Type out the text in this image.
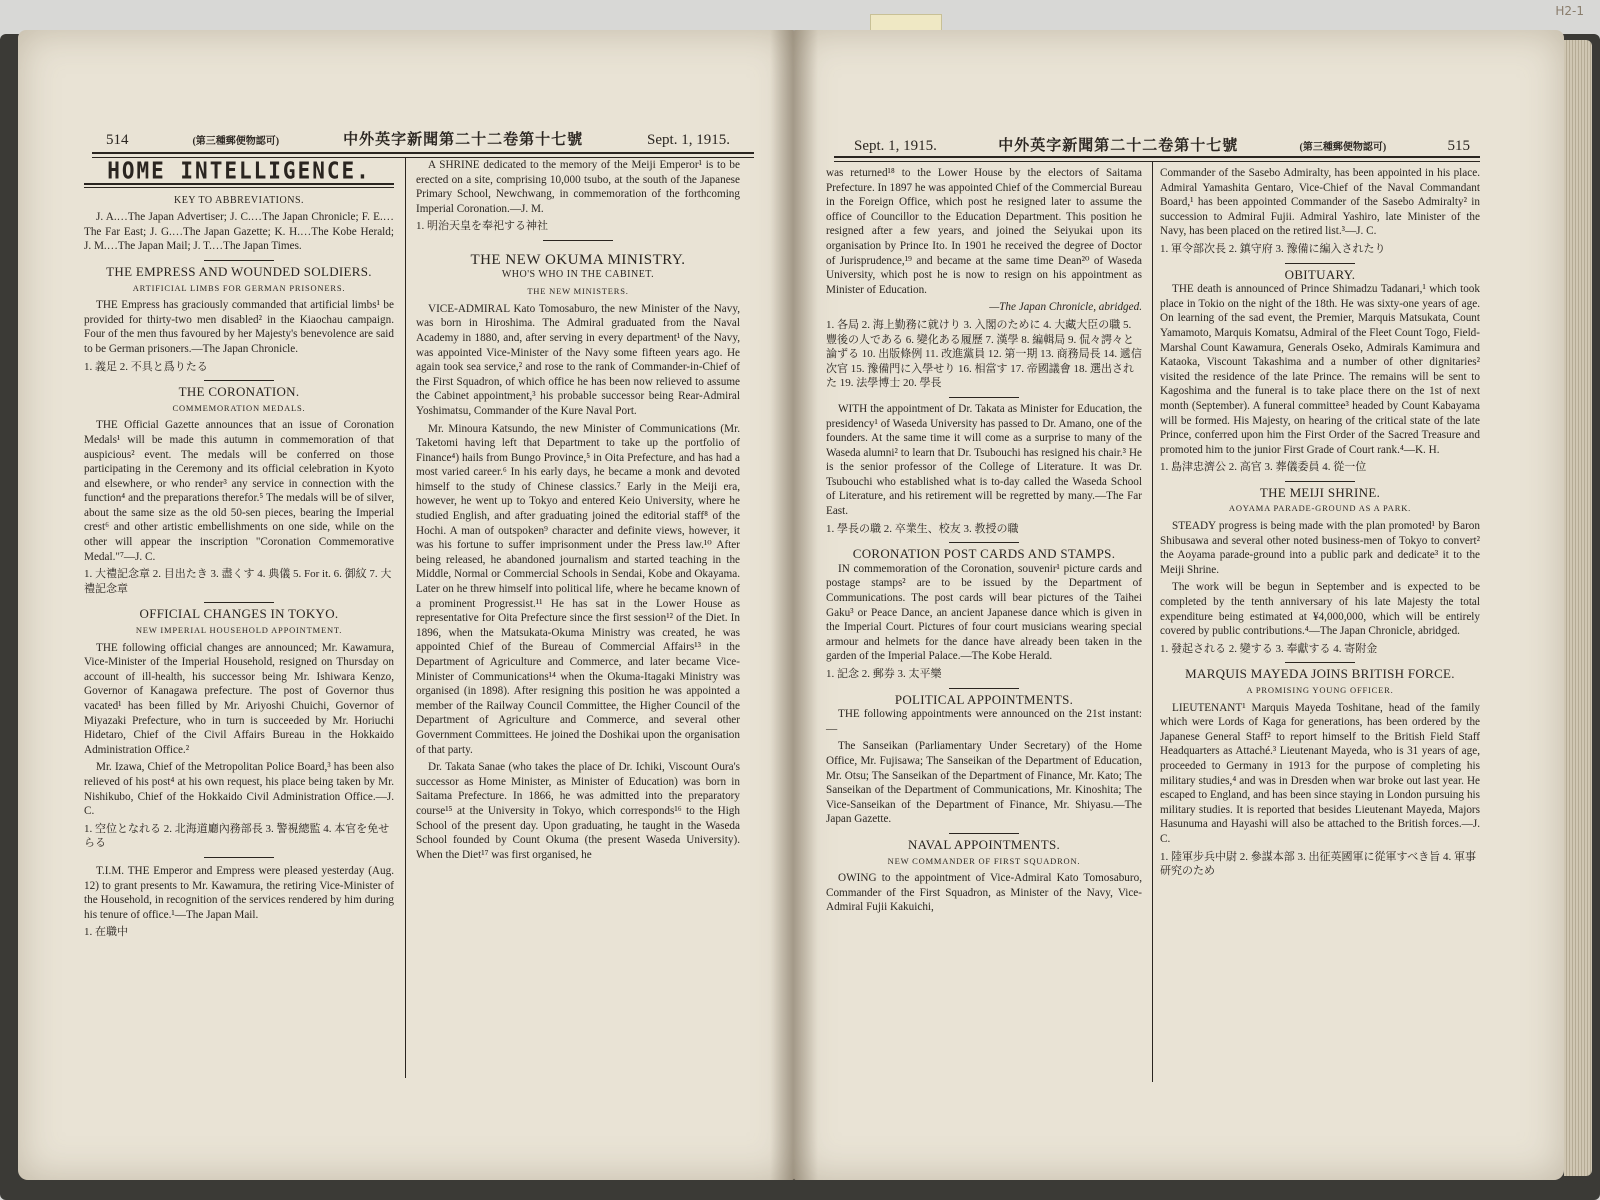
H2-1
514	(第三種郵便物認可)	中外英字新聞第二十二卷第十七號	Sept. 1, 1915.
HOME INTELLIGENCE.
KEY TO ABBREVIATIONS.

J. A.…The Japan Advertiser; J. C.…The Japan Chronicle; F. E.…The Far East; J. G.…The Japan Gazette; K. H.…The Kobe Herald; J. M.…The Japan Mail; J. T.…The Japan Times.

THE EMPRESS AND WOUNDED SOLDIERS.
ARTIFICIAL LIMBS FOR GERMAN PRISONERS.

THE Empress has graciously commanded that artificial limbs¹ be provided for thirty-two men disabled² in the Kiaochau campaign. Four of the men thus favoured by her Majesty's benevolence are said to be German prisoners.—The Japan Chronicle.

1. 義足 2. 不具と爲りたる
THE CORONATION.
COMMEMORATION MEDALS.

THE Official Gazette announces that an issue of Coronation Medals¹ will be made this autumn in commemoration of that auspicious² event. The medals will be conferred on those participating in the Ceremony and its official celebration in Kyoto and elsewhere, or who render³ any service in connection with the function⁴ and the preparations therefor.⁵ The medals will be of silver, about the same size as the old 50-sen pieces, bearing the Imperial crest⁶ and other artistic embellishments on one side, while on the other will appear the inscription "Coronation Commemorative Medal."⁷—J. C.

1. 大禮記念章 2. 目出たき 3. 盡くす 4. 典儀 5. For it. 6. 御紋 7. 大禮記念章
OFFICIAL CHANGES IN TOKYO.
NEW IMPERIAL HOUSEHOLD APPOINTMENT.

THE following official changes are announced; Mr. Kawamura, Vice-Minister of the Imperial Household, resigned on Thursday on account of ill-health, his successor being Mr. Ishiwara Kenzo, Governor of Kanagawa prefecture. The post of Governor thus vacated¹ has been filled by Mr. Ariyoshi Chuichi, Governor of Miyazaki Prefecture, who in turn is succeeded by Mr. Horiuchi Hidetaro, Chief of the Civil Affairs Bureau in the Hokkaido Administration Office.²

Mr. Izawa, Chief of the Metropolitan Police Board,³ has been also relieved of his post⁴ at his own request, his place being taken by Mr. Nishikubo, Chief of the Hokkaido Civil Administration Office.—J. C.

1. 空位となれる 2. 北海道廳內務部長 3. 警視總監 4. 本官を免せらる

T.I.M. THE Emperor and Empress were pleased yesterday (Aug. 12) to grant presents to Mr. Kawamura, the retiring Vice-Minister of the Household, in recognition of the services rendered by him during his tenure of office.¹—The Japan Mail.

1. 在職中

A SHRINE dedicated to the memory of the Meiji Emperor¹ is to be erected on a site, comprising 10,000 tsubo, at the south of the Japanese Primary School, Newchwang, in commemoration of the forthcoming Imperial Coronation.—J. M.

1. 明治天皇を奉祀する神社
THE NEW OKUMA MINISTRY.
WHO'S WHO IN THE CABINET.
THE NEW MINISTERS.

VICE-ADMIRAL Kato Tomosaburo, the new Minister of the Navy, was born in Hiroshima. The Admiral graduated from the Naval Academy in 1880, and, after serving in every department¹ of the Navy, was appointed Vice-Minister of the Navy some fifteen years ago. He again took sea service,² and rose to the rank of Commander-in-Chief of the First Squadron, of which office he has been now relieved to assume the Cabinet appointment,³ his probable successor being Rear-Admiral Yoshimatsu, Commander of the Kure Naval Port.

Mr. Minoura Katsundo, the new Minister of Communications (Mr. Taketomi having left that Department to take up the portfolio of Finance⁴) hails from Bungo Province,⁵ in Oita Prefecture, and has had a most varied career.⁶ In his early days, he became a monk and devoted himself to the study of Chinese classics.⁷ Early in the Meiji era, however, he went up to Tokyo and entered Keio University, where he studied English, and after graduating joined the editorial staff⁸ of the Hochi. A man of outspoken⁹ character and definite views, however, it was his fortune to suffer imprisonment under the Press law.¹⁰ After being released, he abandoned journalism and started teaching in the Middle, Normal or Commercial Schools in Sendai, Kobe and Okayama. Later on he threw himself into political life, where he became known of a prominent Progressist.¹¹ He has sat in the Lower House as representative for Oita Prefecture since the first session¹² of the Diet. In 1896, when the Matsukata-Okuma Ministry was created, he was appointed Chief of the Bureau of Commercial Affairs¹³ in the Department of Agriculture and Commerce, and later became Vice-Minister of Communications¹⁴ when the Okuma-Itagaki Ministry was organised (in 1898). After resigning this position he was appointed a member of the Railway Council Committee, the Higher Council of the Department of Agriculture and Commerce, and several other Government Committees. He joined the Doshikai upon the organisation of that party.

Dr. Takata Sanae (who takes the place of Dr. Ichiki, Viscount Oura's successor as Home Minister, as Minister of Education) was born in Saitama Prefecture. In 1866, he was admitted into the preparatory course¹⁵ at the University in Tokyo, which corresponds¹⁶ to the High School of the present day. Upon graduating, he taught in the Waseda School founded by Count Okuma (the present Waseda University). When the Diet¹⁷ was first organised, he

Sept. 1, 1915.	中外英字新聞第二十二卷第十七號	(第三種郵便物認可)	515

was returned¹⁸ to the Lower House by the electors of Saitama Prefecture. In 1897 he was appointed Chief of the Commercial Bureau in the Foreign Office, which post he resigned later to assume the office of Councillor to the Education Department. This position he resigned after a few years, and joined the Seiyukai upon its organisation by Prince Ito. In 1901 he received the degree of Doctor of Jurisprudence,¹⁹ and became at the same time Dean²⁰ of Waseda University, which post he is now to resign on his appointment as Minister of Education.

—The Japan Chronicle, abridged.
1. 各局 2. 海上勤務に就けり 3. 入閣のために 4. 大藏大臣の職 5. 豐後の人である 6. 變化ある履歷 7. 漢學 8. 編輯局 9. 侃々諤々と論ずる 10. 出版條例 11. 改進黨員 12. 第一期 13. 商務局長 14. 遞信次官 15. 豫備門に入學せり 16. 相當す 17. 帝國議會 18. 選出された 19. 法學博士 20. 學長

WITH the appointment of Dr. Takata as Minister for Education, the presidency¹ of Waseda University has passed to Dr. Amano, one of the founders. At the same time it will come as a surprise to many of the Waseda alumni² to learn that Dr. Tsubouchi has resigned his chair.³ He is the senior professor of the College of Literature. It was Dr. Tsubouchi who established what is to-day called the Waseda School of Literature, and his retirement will be regretted by many.—The Far East.

1. 學長の職 2. 卒業生、校友 3. 教授の職
CORONATION POST CARDS AND STAMPS.

IN commemoration of the Coronation, souvenir¹ picture cards and postage stamps² are to be issued by the Department of Communications. The post cards will bear pictures of the Taihei Gaku³ or Peace Dance, an ancient Japanese dance which is given in the Imperial Court. Pictures of four court musicians wearing special armour and helmets for the dance have already been taken in the garden of the Imperial Palace.—The Kobe Herald.

1. 記念 2. 郵券 3. 太平樂
POLITICAL APPOINTMENTS.

THE following appointments were announced on the 21st instant:—

The Sanseikan (Parliamentary Under Secretary) of the Home Office, Mr. Fujisawa; The Sanseikan of the Department of Education, Mr. Otsu; The Sanseikan of the Department of Finance, Mr. Kato; The Sanseikan of the Department of Communications, Mr. Kinoshita; The Vice-Sanseikan of the Department of Finance, Mr. Shiyasu.—The Japan Gazette.

NAVAL APPOINTMENTS.
NEW COMMANDER OF FIRST SQUADRON.

OWING to the appointment of Vice-Admiral Kato Tomosaburo, Commander of the First Squadron, as Minister of the Navy, Vice-Admiral Fujii Kakuichi,

Commander of the Sasebo Admiralty, has been appointed in his place. Admiral Yamashita Gentaro, Vice-Chief of the Naval Commandant Board,¹ has been appointed Commander of the Sasebo Admiralty² in succession to Admiral Fujii. Admiral Yashiro, late Minister of the Navy, has been placed on the retired list.³—J. C.

1. 軍令部次長 2. 鎮守府 3. 豫備に編入されたり
OBITUARY.

THE death is announced of Prince Shimadzu Tadanari,¹ which took place in Tokio on the night of the 18th. He was sixty-one years of age. On learning of the sad event, the Premier, Marquis Matsukata, Count Yamamoto, Marquis Komatsu, Admiral of the Fleet Count Togo, Field-Marshal Count Kawamura, Generals Oseko, Admirals Kamimura and Kataoka, Viscount Takashima and a number of other dignitaries² visited the residence of the late Prince. The remains will be sent to Kagoshima and the funeral is to take place there on the 1st of next month (September). A funeral committee³ headed by Count Kabayama will be formed. His Majesty, on hearing of the critical state of the late Prince, conferred upon him the First Order of the Sacred Treasure and promoted him to the junior First Grade of Court rank.⁴—K. H.

1. 島津忠濟公 2. 高官 3. 葬儀委員 4. 從一位
THE MEIJI SHRINE.
AOYAMA PARADE-GROUND AS A PARK.

STEADY progress is being made with the plan promoted¹ by Baron Shibusawa and several other noted business-men of Tokyo to convert² the Aoyama parade-ground into a public park and dedicate³ it to the Meiji Shrine.

The work will be begun in September and is expected to be completed by the tenth anniversary of his late Majesty the total expenditure being estimated at ¥4,000,000, which will be entirely covered by public contributions.⁴—The Japan Chronicle, abridged.

1. 發起される 2. 變する 3. 奉獻する 4. 寄附金
MARQUIS MAYEDA JOINS BRITISH FORCE.
A PROMISING YOUNG OFFICER.

LIEUTENANT¹ Marquis Mayeda Toshitane, head of the family which were Lords of Kaga for generations, has been ordered by the Japanese General Staff² to report himself to the British Field Staff Headquarters as Attaché.³ Lieutenant Mayeda, who is 31 years of age, proceeded to Germany in 1913 for the purpose of completing his military studies,⁴ and was in Dresden when war broke out last year. He escaped to England, and has been since staying in London pursuing his military studies. It is reported that besides Lieutenant Mayeda, Majors Hasunuma and Hayashi will also be attached to the British forces.—J. C.

1. 陸軍步兵中尉 2. 參謀本部 3. 出征英國軍に從軍すべき旨 4. 軍事研究のため
